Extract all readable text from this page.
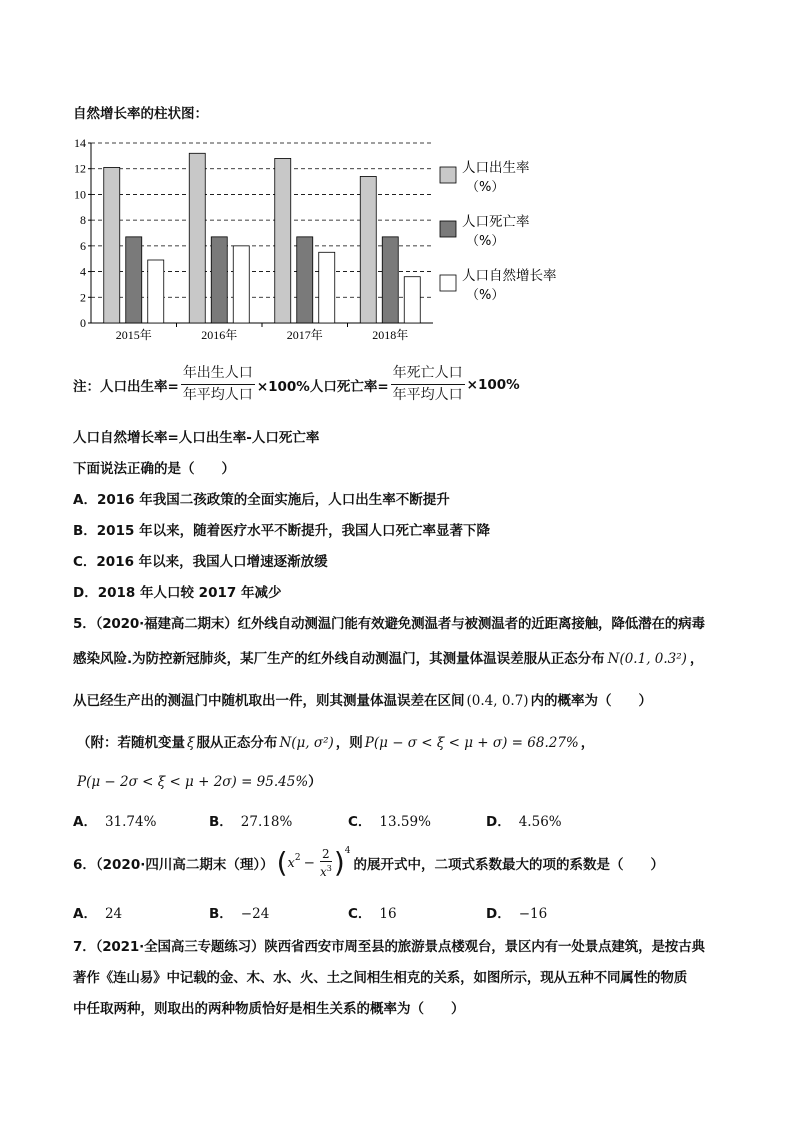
自然增长率的柱状图：
0
2
4
6
8
10
12
14
2015年	2016年	2017年	2018年
人口出生率
（%）
人口死亡率
（%）
人口自然增长率
（%）
注：人口出生率= $\frac{\text{年出生人口}}{\text{年平均人口}} \times 100\%$人口死亡率= $\frac{\text{年死亡人口}}{\text{年平均人口}} \times 100\%$
人口自然增长率=人口出生率-人口死亡率
下面说法正确的是（　　）
A．2016 年我国二孩政策的全面实施后，人口出生率不断提升
B．2015 年以来，随着医疗水平不断提升，我国人口死亡率显著下降
C．2016 年以来，我国人口增速逐渐放缓
D．2018 年人口较 2017 年减少
5．（2020·福建高二期末）红外线自动测温门能有效避免测温者与被测温者的近距离接触，降低潜在的病毒
感染风险.为防控新冠肺炎，某厂生产的红外线自动测温门，其测量体温误差服从正态分布 N(0.1, 0.3²) ，
从已经生产出的测温门中随机取出一件，则其测量体温误差在区间 (0.4, 0.7) 内的概率为（　　）
（附：若随机变量 ξ 服从正态分布 N(μ, σ²) ，则 P(μ − σ < ξ < μ + σ) = 68.27% ，
P(μ − 2σ < ξ < μ + 2σ) = 95.45%）
A． 31.74%	B． 27.18%	C． 13.59%	D． 4.56%
6．（2020·四川高二期末（理）） ( $x^2 - \frac{2}{x^3} )^4$
的展开式中，二项式系数最大的项的系数是（　　）
A． 24	B． −24	C． 16	D． −16
7．（2021·全国高三专题练习）陕西省西安市周至县的旅游景点楼观台，景区内有一处景点建筑，是按古典
著作《连山易》中记载的金、木、水、火、土之间相生相克的关系，如图所示，现从五种不同属性的物质
中任取两种，则取出的两种物质恰好是相生关系的概率为（　　）
